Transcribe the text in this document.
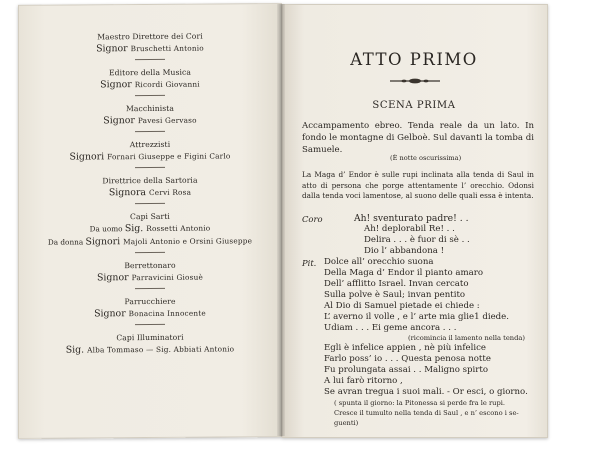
Maestro Direttore dei Cori
Signor Bruschetti Antonio
Editore della Musica
Signor Ricordi Giovanni
Macchinista
Signor Pavesi Gervaso
Attrezzisti
Signori Fornari Giuseppe e Figini Carlo
Direttrice della Sartoria
Signora Cervi Rosa
Capi Sarti
Da uomo Sig. Rossetti Antonio
Da donna Signori Majoli Antonio e Orsini Giuseppe
Berrettonaro
Signor Parravicini Giosuè
Parrucchiere
Signor Bonacina Innocente
Capi Illuminatori
Sig. Alba Tommaso — Sig. Abbiati Antonio
ATTO PRIMO
SCENA PRIMA
Accampamento ebreo. Tenda reale da un lato. In fondo le montagne di Gelboè. Sul davanti la tomba di Samuele.
(È notte oscurissima)
La Maga d’ Endor è sulle rupi inclinata alla tenda di Saul in atto di persona che porge attentamente l’ orecchio. Odonsi dalla tenda voci lamentose, al suono delle quali essa è intenta.
Coro	Ah! sventurato padre! . .
Ah! deplorabil Re! . .
Delira . . . è fuor di sè . .
Dio l’ abbandona !
Pit. Dolce all’ orecchio suona
Della Maga d’ Endor il pianto amaro
Dell’ afflitto Israel. Invan cercato
Sulla polve è Saul; invan pentito
Al Dio di Samuel pietade ei chiede :
L’ averno il volle , e l’ arte mia glie1 diede.
Udiam . . . Ei geme ancora . . .
(ricomincia il lamento nella tenda)
Egli è infelice appien , nè più infelice
Farlo poss’ io . . . Questa penosa notte
Fu prolungata assai . . Maligno spirto
A lui farò ritorno ,
Se avran tregua i suoi mali. - Or esci, o giorno.
( spunta il giorno: la Pitonessa si perde fra le rupi.
Cresce il tumulto nella tenda di Saul , e n’ escono i se-
guenti)
